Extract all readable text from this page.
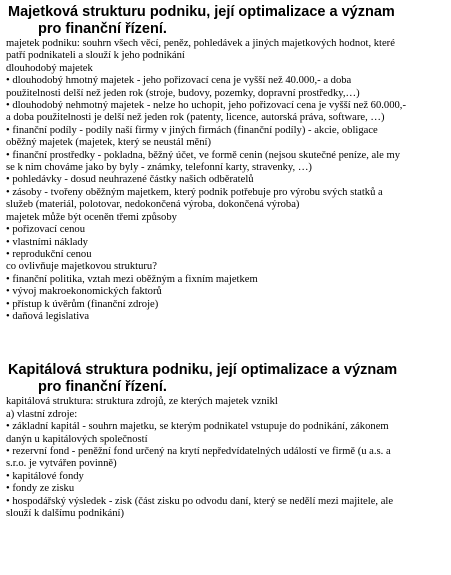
Majetková strukturu podniku, její optimalizace a význam
pro finanční řízení.

majetek podniku: souhrn všech věcí, peněz, pohledávek a jiných majetkových hodnot, které

patří podnikateli a slouží k jeho podnikání

dlouhodobý majetek

• dlouhodobý hmotný majetek - jeho pořizovací cena je vyšší než 40.000,- a doba

použitelnosti delší než jeden rok (stroje, budovy, pozemky, dopravní prostředky,…)

• dlouhodobý nehmotný majetek - nelze ho uchopit, jeho pořizovací cena je vyšší než 60.000,-

a doba použitelnosti je delší než jeden rok (patenty, licence, autorská práva, software, …)

• finanční podíly - podíly naší firmy v jiných firmách (finanční podíly) - akcie, obligace

oběžný majetek (majetek, který se neustál mění)

• finanční prostředky - pokladna, běžný účet, ve formě cenin (nejsou skutečné peníze, ale my

se k nim chováme jako by byly - známky, telefonní karty, stravenky, …)

• pohledávky - dosud neuhrazené částky našich odběratelů

• zásoby - tvořeny oběžným majetkem, který podnik potřebuje pro výrobu svých statků a

služeb (materiál, polotovar, nedokončená výroba, dokončená výroba)

majetek může být oceněn třemi způsoby

• pořizovací cenou

• vlastními náklady

• reprodukční cenou

co ovlivňuje majetkovou strukturu?

• finanční politika, vztah mezi oběžným a fixním majetkem

• vývoj makroekonomických faktorů

• přístup k úvěrům (finanční zdroje)

• daňová legislativa

Kapitálová struktura podniku, její optimalizace a význam
pro finanční řízení.

kapitálová struktura: struktura zdrojů, ze kterých majetek vznikl

a) vlastní zdroje:

• základní kapitál - souhrn majetku, se kterým podnikatel vstupuje do podnikání, zákonem

danýn u kapitálových společností

• rezervní fond - peněžní fond určený na krytí nepředvídatelných událostí ve firmě (u a.s. a

s.r.o. je vytvářen povinně)

• kapitálové fondy

• fondy ze zisku

• hospodářský výsledek - zisk (část zisku po odvodu daní, který se nedělí mezi majitele, ale

slouží k dalšímu podnikání)
